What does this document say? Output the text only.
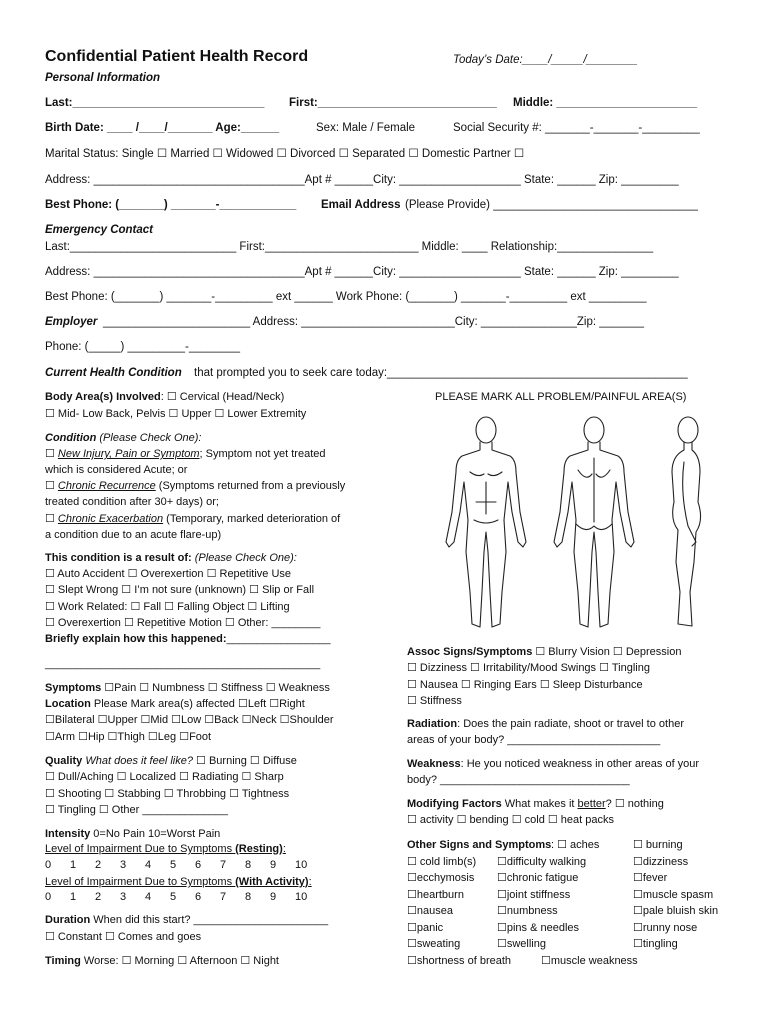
Confidential Patient Health Record	Today’s Date:____/_____/________
Personal Information
Last:______________________________ First:____________________________ Middle: ______________________
Birth Date: ____ /____/_______ Age:______	Sex: Male / Female	Social Security #: _______-_______-_________
Marital Status: Single ☐ Married ☐ Widowed ☐ Divorced ☐ Separated ☐ Domestic Partner ☐
Address: _________________________________Apt # ______City: ___________________ State: ______ Zip: _________
Best Phone: (_______) _______-____________ Email Address (Please Provide) ________________________________
Emergency Contact
Last:__________________________ First:________________________ Middle: ____ Relationship:_______________
Address: _________________________________Apt # ______City: ___________________ State: ______ Zip: _________
Best Phone: (_______) _______-_________ ext ______ Work Phone: (_______) _______-_________ ext _________
Employer _______________________ Address: ________________________City: _______________Zip: _______
Phone: (_____) _________-________
Current Health Condition that prompted you to seek care today:_______________________________________________
Body Area(s) Involved: ☐ Cervical (Head/Neck)
☐ Mid- Low Back, Pelvis ☐ Upper ☐ Lower Extremity
Condition (Please Check One):
☐ New Injury, Pain or Symptom; Symptom not yet treated
which is considered Acute; or
☐ Chronic Recurrence (Symptoms returned from a previously
treated condition after 30+ days) or;
☐ Chronic Exacerbation (Temporary, marked deterioration of
a condition due to an acute flare-up)
This condition is a result of: (Please Check One):
☐ Auto Accident ☐ Overexertion ☐ Repetitive Use
☐ Slept Wrong ☐ I’m not sure (unknown) ☐ Slip or Fall
☐ Work Related: ☐ Fall ☐ Falling Object ☐ Lifting
☐ Overexertion ☐ Repetitive Motion ☐ Other: ________
Briefly explain how this happened:_________________
_____________________________________________
Symptoms ☐Pain ☐ Numbness ☐ Stiffness ☐ Weakness
Location Please Mark area(s) affected ☐Left ☐Right
☐Bilateral ☐Upper ☐Mid ☐Low ☐Back ☐Neck ☐Shoulder
☐Arm ☐Hip ☐Thigh ☐Leg ☐Foot
Quality What does it feel like? ☐ Burning ☐ Diffuse
☐ Dull/Aching ☐ Localized ☐ Radiating ☐ Sharp
☐ Shooting ☐ Stabbing ☐ Throbbing ☐ Tightness
☐ Tingling ☐ Other ______________
Intensity 0=No Pain 10=Worst Pain
Level of Impairment Due to Symptoms (Resting):
0 1 2 3 4 5 6 7 8 9 10
Level of Impairment Due to Symptoms (With Activity):
0 1 2 3 4 5 6 7 8 9 10
Duration When did this start? ______________________
☐ Constant ☐ Comes and goes
Timing Worse: ☐ Morning ☐ Afternoon ☐ Night
PLEASE MARK ALL PROBLEM/PAINFUL AREA(S)
Assoc Signs/Symptoms ☐ Blurry Vision ☐ Depression
☐ Dizziness ☐ Irritability/Mood Swings ☐ Tingling
☐ Nausea ☐ Ringing Ears ☐ Sleep Disturbance
☐ Stiffness
Radiation: Does the pain radiate, shoot or travel to other
areas of your body? _________________________
Weakness: He you noticed weakness in other areas of your
body? _______________________________
Modifying Factors What makes it better? ☐ nothing
☐ activity ☐ bending ☐ cold ☐ heat packs
Other Signs and Symptoms : ☐ aches	☐ burning
☐ cold limb(s) ☐difficulty walking	☐dizziness
☐ecchymosis ☐chronic fatigue	☐fever
☐heartburn	☐joint stiffness	☐muscle spasm
☐nausea	☐numbness	☐pale bluish skin
☐panic	☐pins & needles	☐runny nose
☐sweating	☐swelling	☐tingling
☐shortness of breath	☐muscle weakness
